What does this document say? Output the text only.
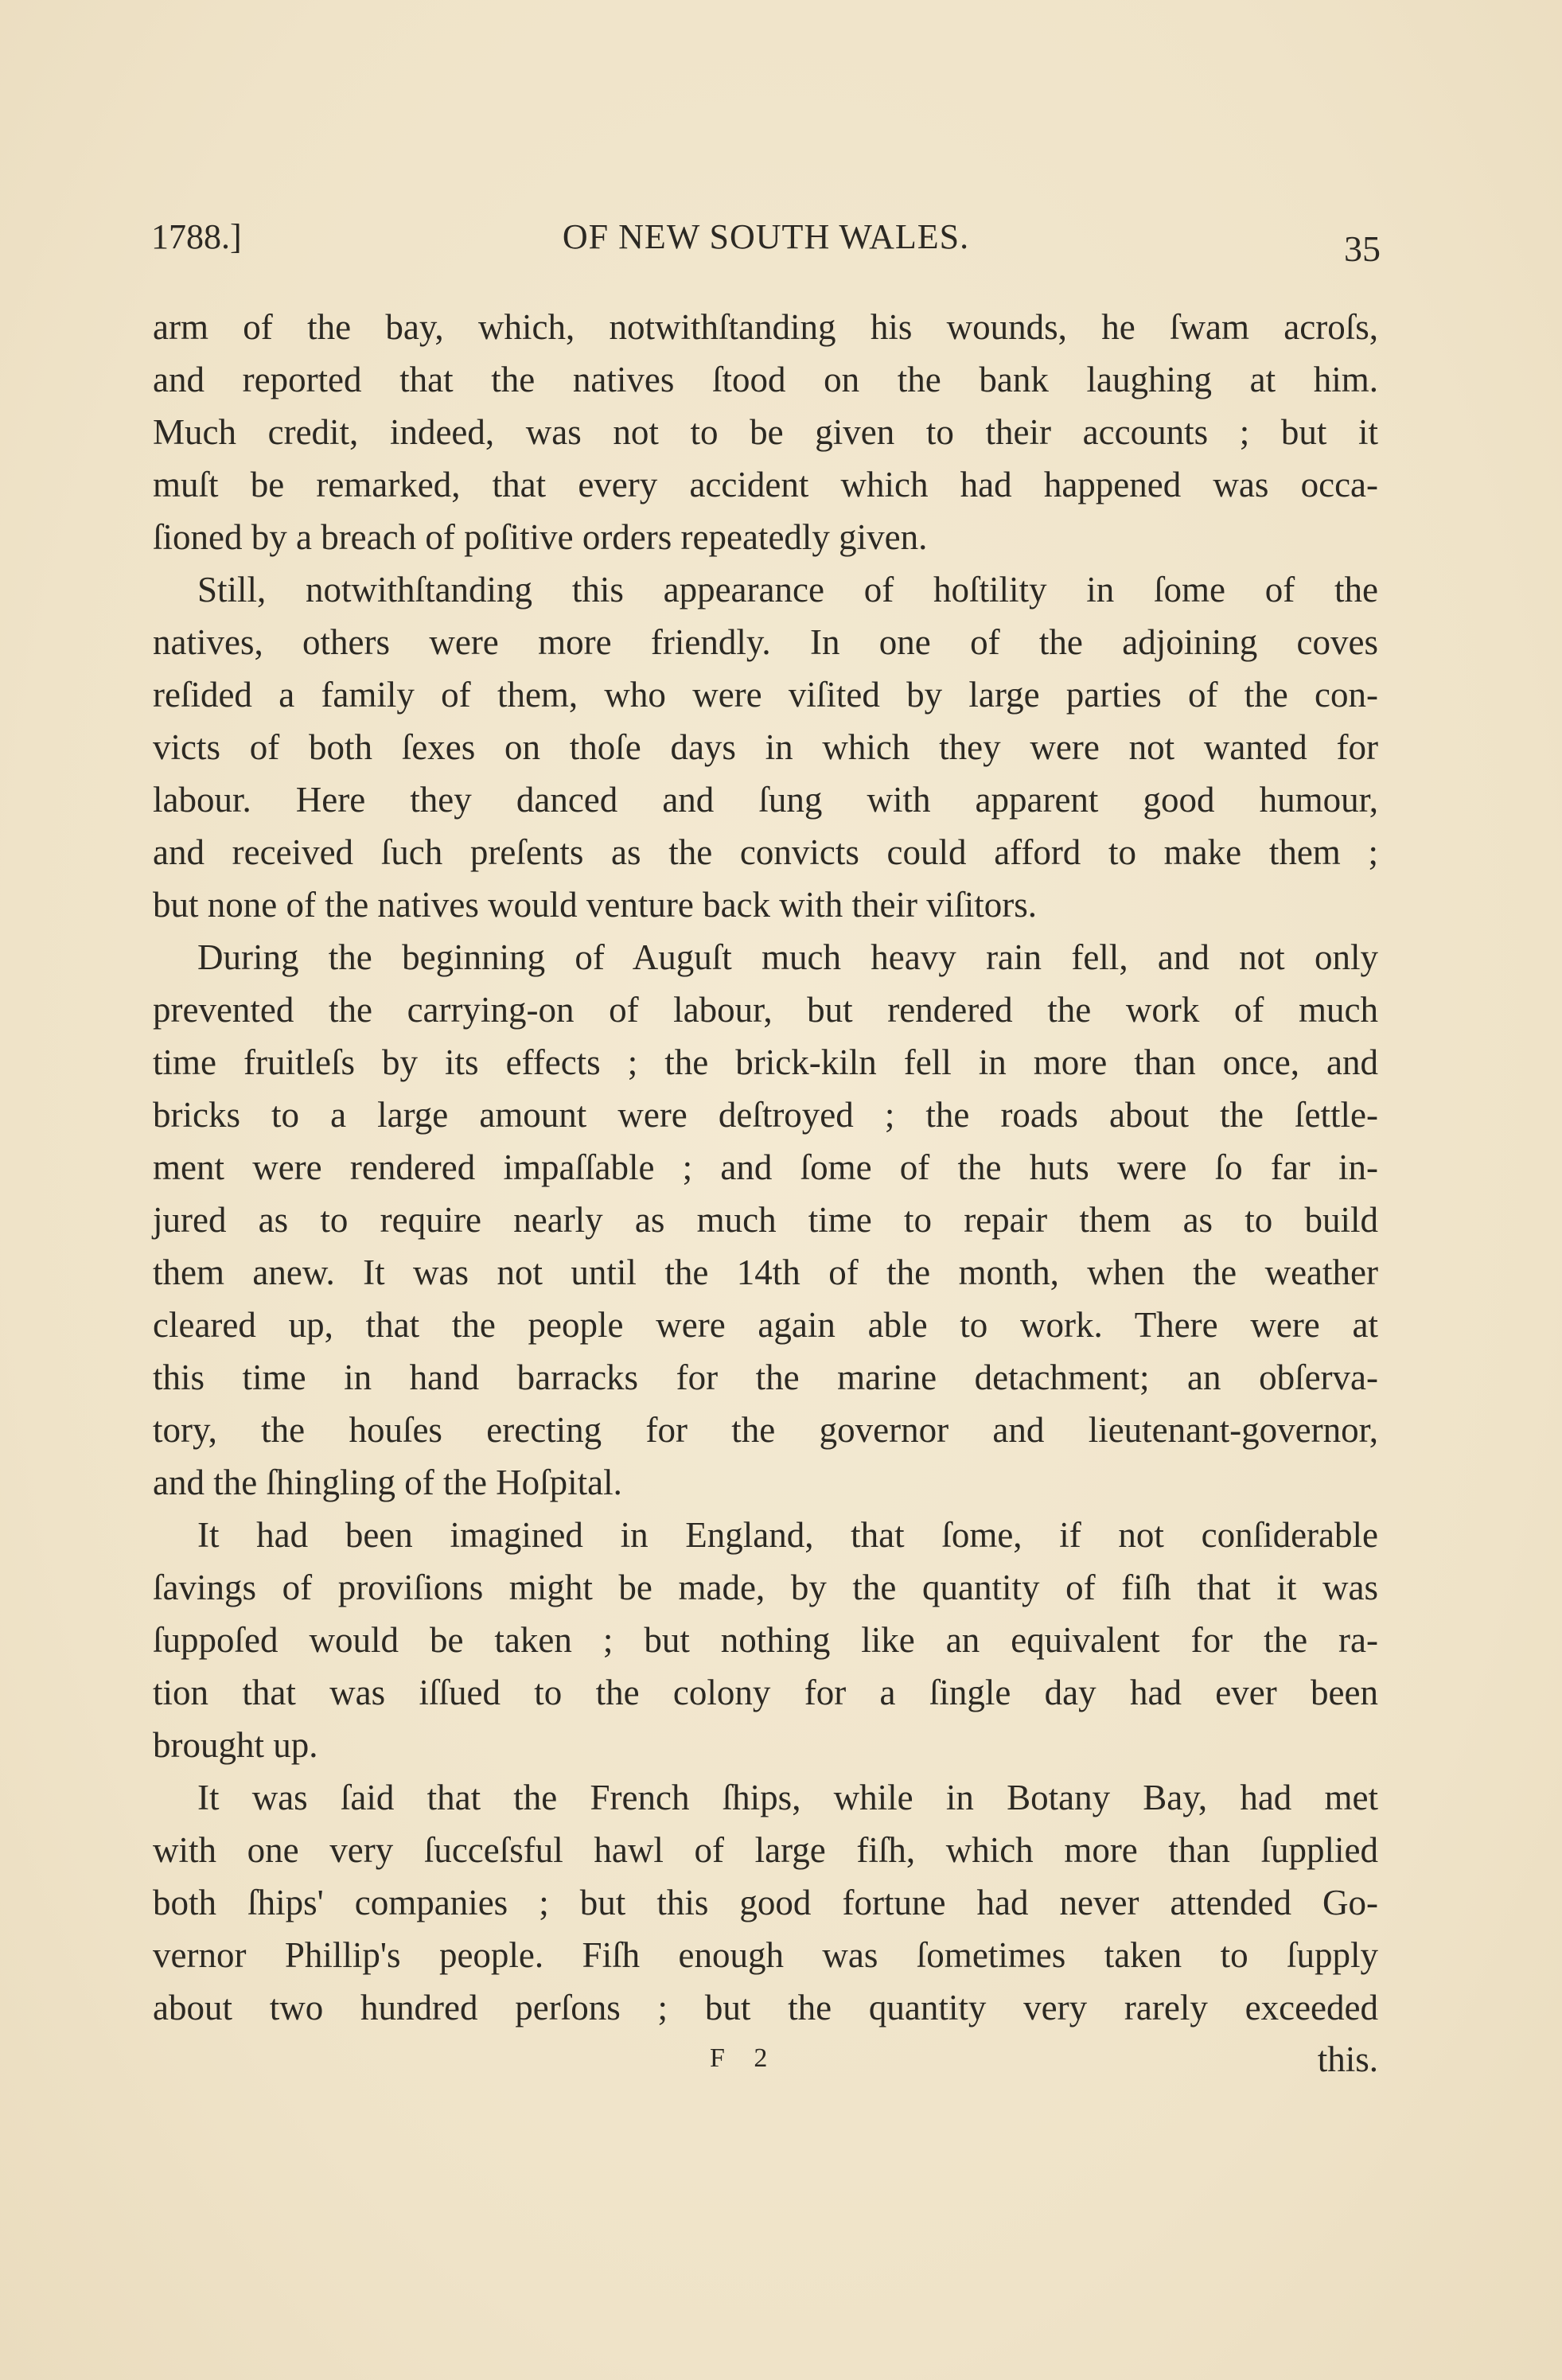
1788.]	OF NEW SOUTH WALES.	35
arm of the bay, which, notwithſtanding his wounds, he ſwam acroſs,
and reported that the natives ſtood on the bank laughing at him.
Much credit, indeed, was not to be given to their accounts ; but it
muſt be remarked, that every accident which had happened was occa-
ſioned by a breach of poſitive orders repeatedly given.
Still, notwithſtanding this appearance of hoſtility in ſome of the
natives, others were more friendly. In one of the adjoining coves
reſided a family of them, who were viſited by large parties of the con-
victs of both ſexes on thoſe days in which they were not wanted for
labour. Here they danced and ſung with apparent good humour,
and received ſuch preſents as the convicts could afford to make them ;
but none of the natives would venture back with their viſitors.
During the beginning of Auguſt much heavy rain fell, and not only
prevented the carrying-on of labour, but rendered the work of much
time fruitleſs by its effects ; the brick-kiln fell in more than once, and
bricks to a large amount were deſtroyed ; the roads about the ſettle-
ment were rendered impaſſable ; and ſome of the huts were ſo far in-
jured as to require nearly as much time to repair them as to build
them anew. It was not until the 14th of the month, when the weather
cleared up, that the people were again able to work. There were at
this time in hand barracks for the marine detachment; an obſerva-
tory, the houſes erecting for the governor and lieutenant-governor,
and the ſhingling of the Hoſpital.
It had been imagined in England, that ſome, if not conſiderable
ſavings of proviſions might be made, by the quantity of fiſh that it was
ſuppoſed would be taken ; but nothing like an equivalent for the ra-
tion that was iſſued to the colony for a ſingle day had ever been
brought up.
It was ſaid that the French ſhips, while in Botany Bay, had met
with one very ſucceſsful hawl of large fiſh, which more than ſupplied
both ſhips' companies ; but this good fortune had never attended Go-
vernor Phillip's people. Fiſh enough was ſometimes taken to ſupply
about two hundred perſons ; but the quantity very rarely exceeded
F 2	this.
